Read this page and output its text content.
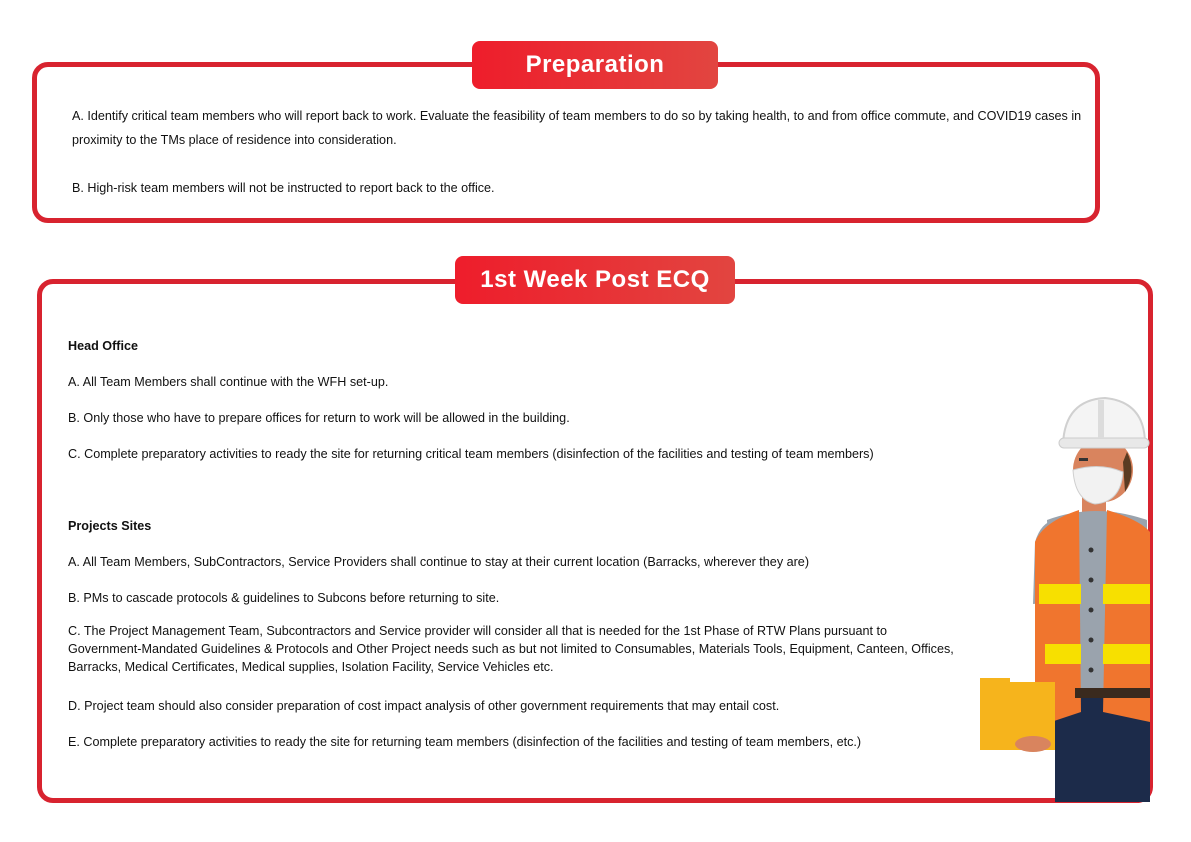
Preparation

A. Identify critical team members who will report back to work. Evaluate the feasibility of team members to do so by taking health, to and from office commute, and COVID19 cases in proximity to the TMs place of residence into consideration.

B. High-risk team members will not be instructed to report back to the office.

1st Week Post ECQ

Head Office

A. All Team Members shall continue with the WFH set-up.

B. Only those who have to prepare offices for return to work will be allowed in the building.

C. Complete preparatory activities to ready the site for returning critical team members (disinfection of the facilities and testing of team members)

Projects Sites

A. All Team Members, SubContractors, Service Providers shall continue to stay at their current location (Barracks, wherever they are)

B. PMs to cascade protocols & guidelines to Subcons before returning to site.

C. The Project Management Team, Subcontractors and Service provider will consider all that is needed for the 1st Phase of RTW Plans pursuant to

Government-Mandated Guidelines & Protocols and Other Project needs such as but not limited to Consumables, Materials Tools, Equipment, Canteen, Offices,

Barracks, Medical Certificates, Medical supplies, Isolation Facility, Service Vehicles etc.

D. Project team should also consider preparation of cost impact analysis of other government requirements that may entail cost.

E. Complete preparatory activities to ready the site for returning team members (disinfection of the facilities and testing of team members, etc.)
